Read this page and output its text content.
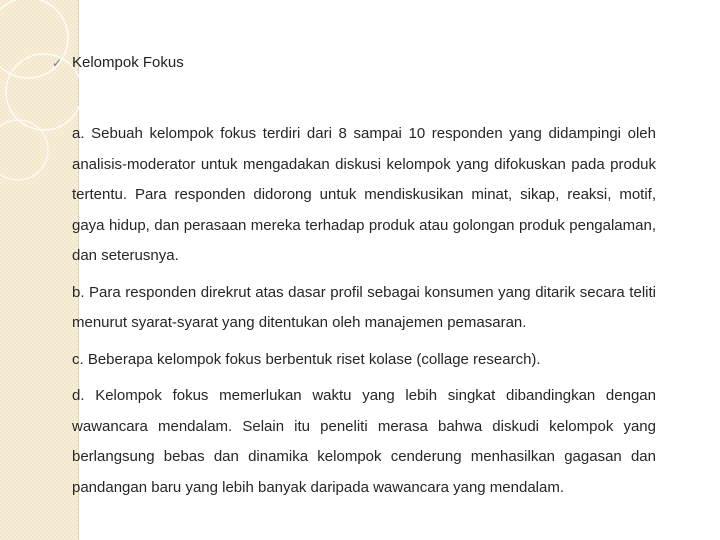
✓ Kelompok Fokus

a. Sebuah kelompok fokus terdiri dari 8 sampai 10 responden yang didampingi oleh analisis-moderator untuk mengadakan diskusi kelompok yang difokuskan pada produk tertentu. Para responden didorong untuk mendiskusikan minat, sikap, reaksi, motif, gaya hidup, dan perasaan mereka terhadap produk atau golongan produk pengalaman, dan seterusnya.

b. Para responden direkrut atas dasar profil sebagai konsumen yang ditarik secara teliti menurut syarat-syarat yang ditentukan oleh manajemen pemasaran.

c. Beberapa kelompok fokus berbentuk riset kolase (collage research).

d. Kelompok fokus memerlukan waktu yang lebih singkat dibandingkan dengan wawancara mendalam. Selain itu peneliti merasa bahwa diskudi kelompok yang berlangsung bebas dan dinamika kelompok cenderung menhasilkan gagasan dan pandangan baru yang lebih banyak daripada wawancara yang mendalam.
